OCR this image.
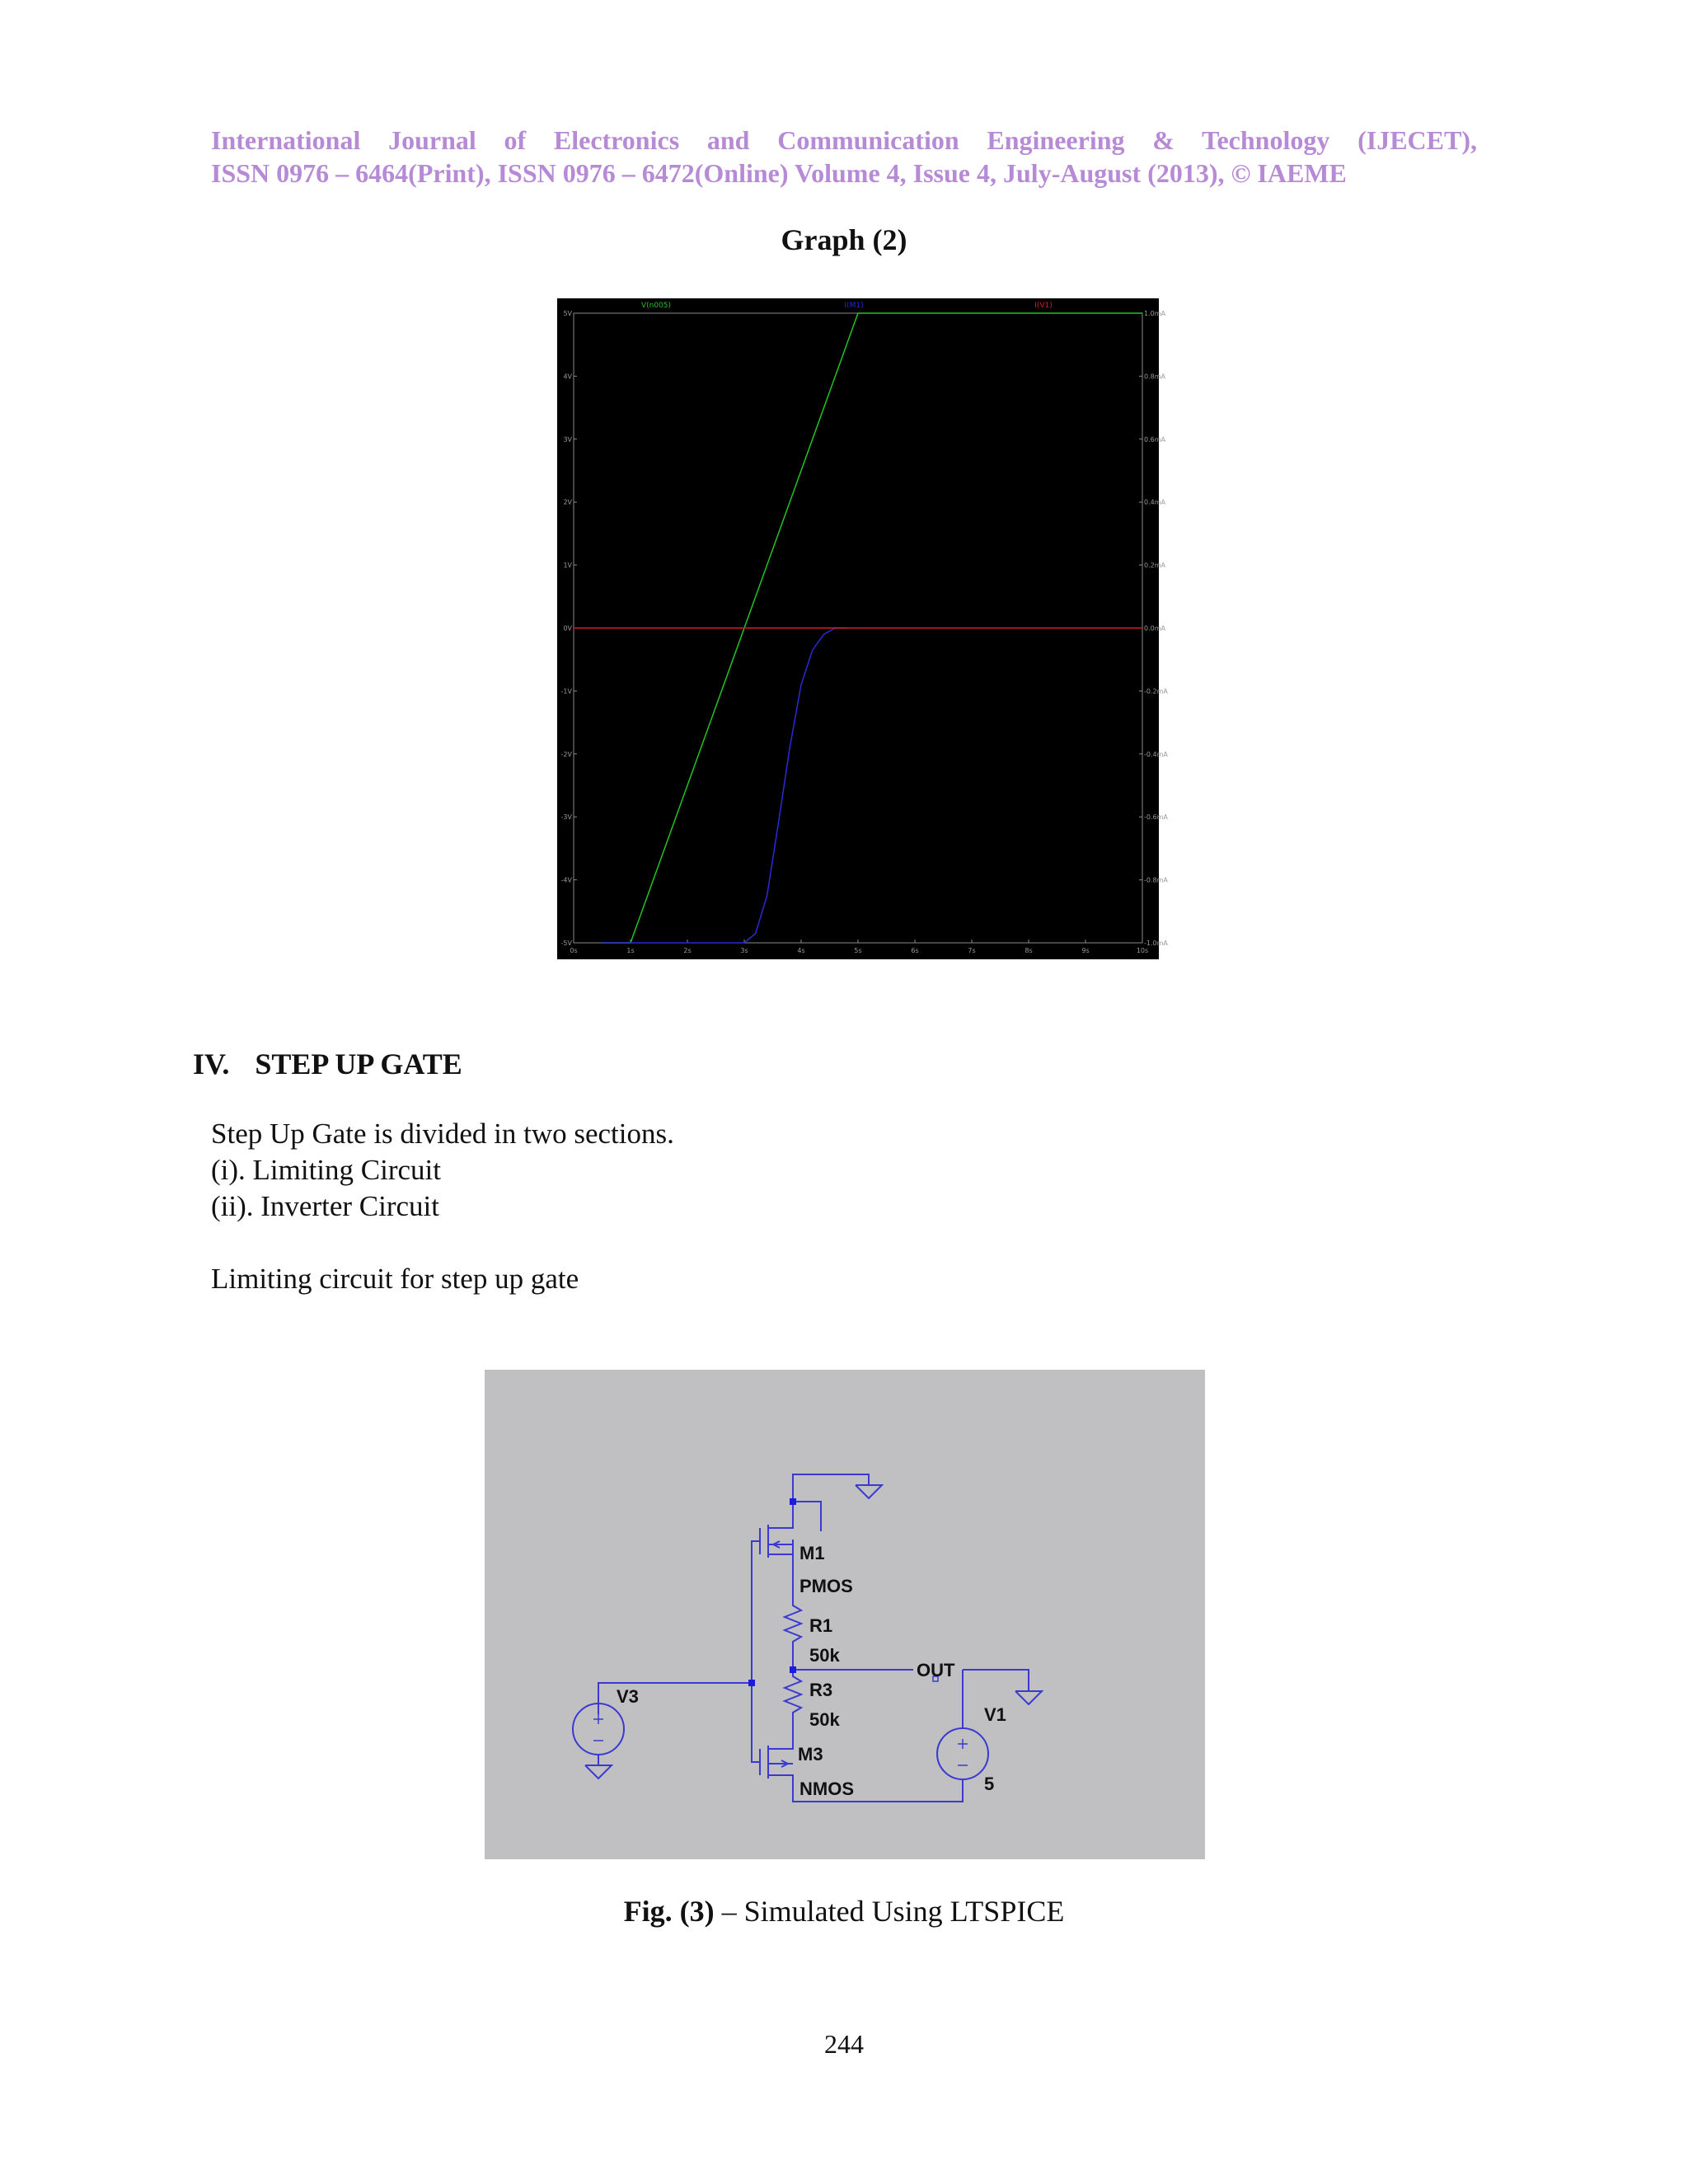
International Journal of Electronics and Communication Engineering & Technology (IJECET),
ISSN 0976 – 6464(Print), ISSN 0976 – 6472(Online) Volume 4, Issue 4, July-August (2013), © IAEME
Graph (2)
0s	1s	2s	3s	4s	5s	6s	7s	8s	9s	10s
5V
4V
3V
2V
1V
0V
-1V
-2V
-3V
-4V
-5V
1.0mA
0.8mA
0.6mA
0.4mA
0.2mA
0.0mA
-0.2mA
-0.4mA
-0.6mA
-0.8mA
-1.0mA
V(n005)	I(M1)	I(V1)
IV. STEP UP GATE
Step Up Gate is divided in two sections.
(i). Limiting Circuit
(ii). Inverter Circuit
Limiting circuit for step up gate
M1
PMOS
R1
50k
R3
50k
M3
NMOS
OUT
V3
V1
5
Fig. (3) – Simulated Using LTSPICE
244
